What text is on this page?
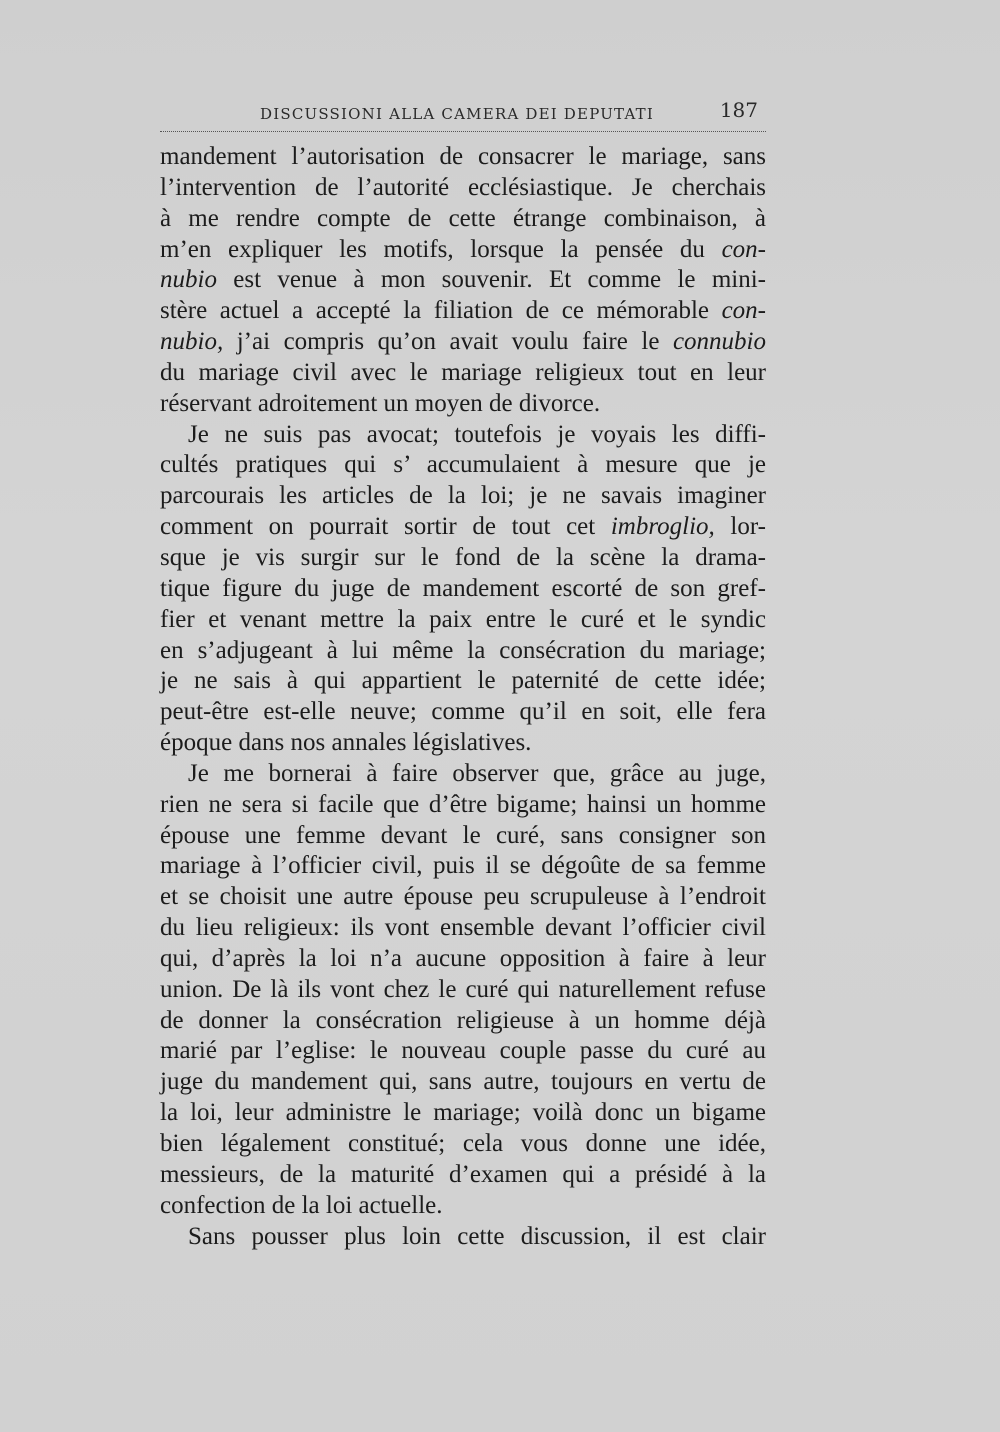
DISCUSSIONI ALLA CAMERA DEI DEPUTATI	187
mandement l’autorisation de consacrer le mariage, sans
l’intervention de l’autorité ecclésiastique. Je cherchais
à me rendre compte de cette étrange combinaison, à
m’en expliquer les motifs, lorsque la pensée du con-
nubio est venue à mon souvenir. Et comme le mini-
stère actuel a accepté la filiation de ce mémorable con-
nubio, j’ai compris qu’on avait voulu faire le connubio
du mariage civil avec le mariage religieux tout en leur
réservant adroitement un moyen de divorce.
Je ne suis pas avocat; toutefois je voyais les diffi-
cultés pratiques qui s’ accumulaient à mesure que je
parcourais les articles de la loi; je ne savais imaginer
comment on pourrait sortir de tout cet imbroglio, lor-
sque je vis surgir sur le fond de la scène la drama-
tique figure du juge de mandement escorté de son gref-
fier et venant mettre la paix entre le curé et le syndic
en s’adjugeant à lui même la consécration du mariage;
je ne sais à qui appartient le paternité de cette idée;
peut-être est-elle neuve; comme qu’il en soit, elle fera
époque dans nos annales législatives.
Je me bornerai à faire observer que, grâce au juge,
rien ne sera si facile que d’être bigame; hainsi un homme
épouse une femme devant le curé, sans consigner son
mariage à l’officier civil, puis il se dégoûte de sa femme
et se choisit une autre épouse peu scrupuleuse à l’endroit
du lieu religieux: ils vont ensemble devant l’officier civil
qui, d’après la loi n’a aucune opposition à faire à leur
union. De là ils vont chez le curé qui naturellement refuse
de donner la consécration religieuse à un homme déjà
marié par l’eglise: le nouveau couple passe du curé au
juge du mandement qui, sans autre, toujours en vertu de
la loi, leur administre le mariage; voilà donc un bigame
bien légalement constitué; cela vous donne une idée,
messieurs, de la maturité d’examen qui a présidé à la
confection de la loi actuelle.
Sans pousser plus loin cette discussion, il est clair
